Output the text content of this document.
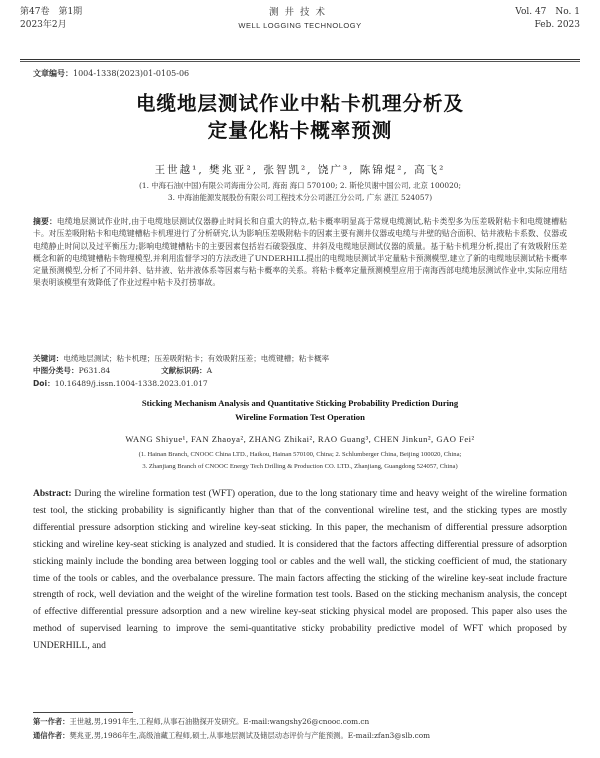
第47卷　第1期
2023年2月
测井技术
WELL LOGGING TECHNOLOGY
Vol. 47　No. 1
Feb. 2023
文章编号：1004-1338(2023)01-0105-06
电缆地层测试作业中粘卡机理分析及
定量化粘卡概率预测
王世越¹, 樊兆亚², 张智凯², 饶广³, 陈锦焜², 高飞²
(1. 中海石油(中国)有限公司海南分公司, 海南 海口 570100; 2. 斯伦贝谢中国公司, 北京 100020;
3. 中海油能源发展股份有限公司工程技术分公司湛江分公司, 广东 湛江 524057)
摘要：电缆地层测试作业时,由于电缆地层测试仪器静止时间长和自重大的特点,粘卡概率明显高于常规电缆测试,粘卡类型多为压差吸附粘卡和电缆键槽粘卡。对压差吸附粘卡和电缆键槽粘卡机理进行了分析研究,认为影响压差吸附粘卡的因素主要有测井仪器或电缆与井壁的贴合面积、钻井液粘卡系数、仪器或电缆静止时间以及过平衡压力;影响电缆键槽粘卡的主要因素包括岩石破裂强度、井斜及电缆地层测试仪器的质量。基于粘卡机理分析,提出了有效吸附压差概念和新的电缆键槽粘卡物理模型,并利用监督学习的方法改进了UNDERHILL提出的电缆地层测试半定量粘卡预测模型,建立了新的电缆地层测试粘卡概率定量预测模型,分析了不同井斜、钻井液、钻井液体系等因素与粘卡概率的关系。将粘卡概率定量预测模型应用于南海西部电缆地层测试作业中,实际应用结果表明该模型有效降低了作业过程中粘卡及打捞事故。
关键词：电缆地层测试；粘卡机理；压差吸附粘卡；有效吸附压差；电缆键槽；粘卡概率
中图分类号：P631.84	文献标识码：A
Doi：10.16489/j.issn.1004-1338.2023.01.017
Sticking Mechanism Analysis and Quantitative Sticking Probability Prediction During
Wireline Formation Test Operation
WANG Shiyue¹, FAN Zhaoya², ZHANG Zhikai², RAO Guang³, CHEN Jinkun², GAO Fei²
(1. Hainan Branch, CNOOC China LTD., Haikou, Hainan 570100, China; 2. Schlumberger China, Beijing 100020, China;
3. Zhanjiang Branch of CNOOC Energy Tech Drilling & Production CO. LTD., Zhanjiang, Guangdong 524057, China)
Abstract: During the wireline formation test (WFT) operation, due to the long stationary time and heavy weight of the wireline formation test tool, the sticking probability is significantly higher than that of the conventional wireline test, and the sticking types are mostly differential pressure adsorption sticking and wireline key-seat sticking. In this paper, the mechanism of differential pressure adsorption sticking and wireline key-seat sticking is analyzed and studied. It is considered that the factors affecting differential pressure of adsorption sticking mainly include the bonding area between logging tool or cables and the well wall, the sticking coefficient of mud, the stationary time of the tools or cables, and the overbalance pressure. The main factors affecting the sticking of the wireline key-seat include fracture strength of rock, well deviation and the weight of the wireline formation test tools. Based on the sticking mechanism analysis, the concept of effective differential pressure adsorption and a new wireline key-seat sticking physical model are proposed. This paper also uses the method of supervised learning to improve the semi-quantitative sticky probability predictive model of WFT which proposed by UNDERHILL, and
第一作者：王世越,男,1991年生,工程师,从事石油勘探开发研究。E-mail:wangshy26@cnooc.com.cn
通信作者：樊兆亚,男,1986年生,高级油藏工程师,硕士,从事地层测试及储层动态评价与产能预测。E-mail:zfan3@slb.com
